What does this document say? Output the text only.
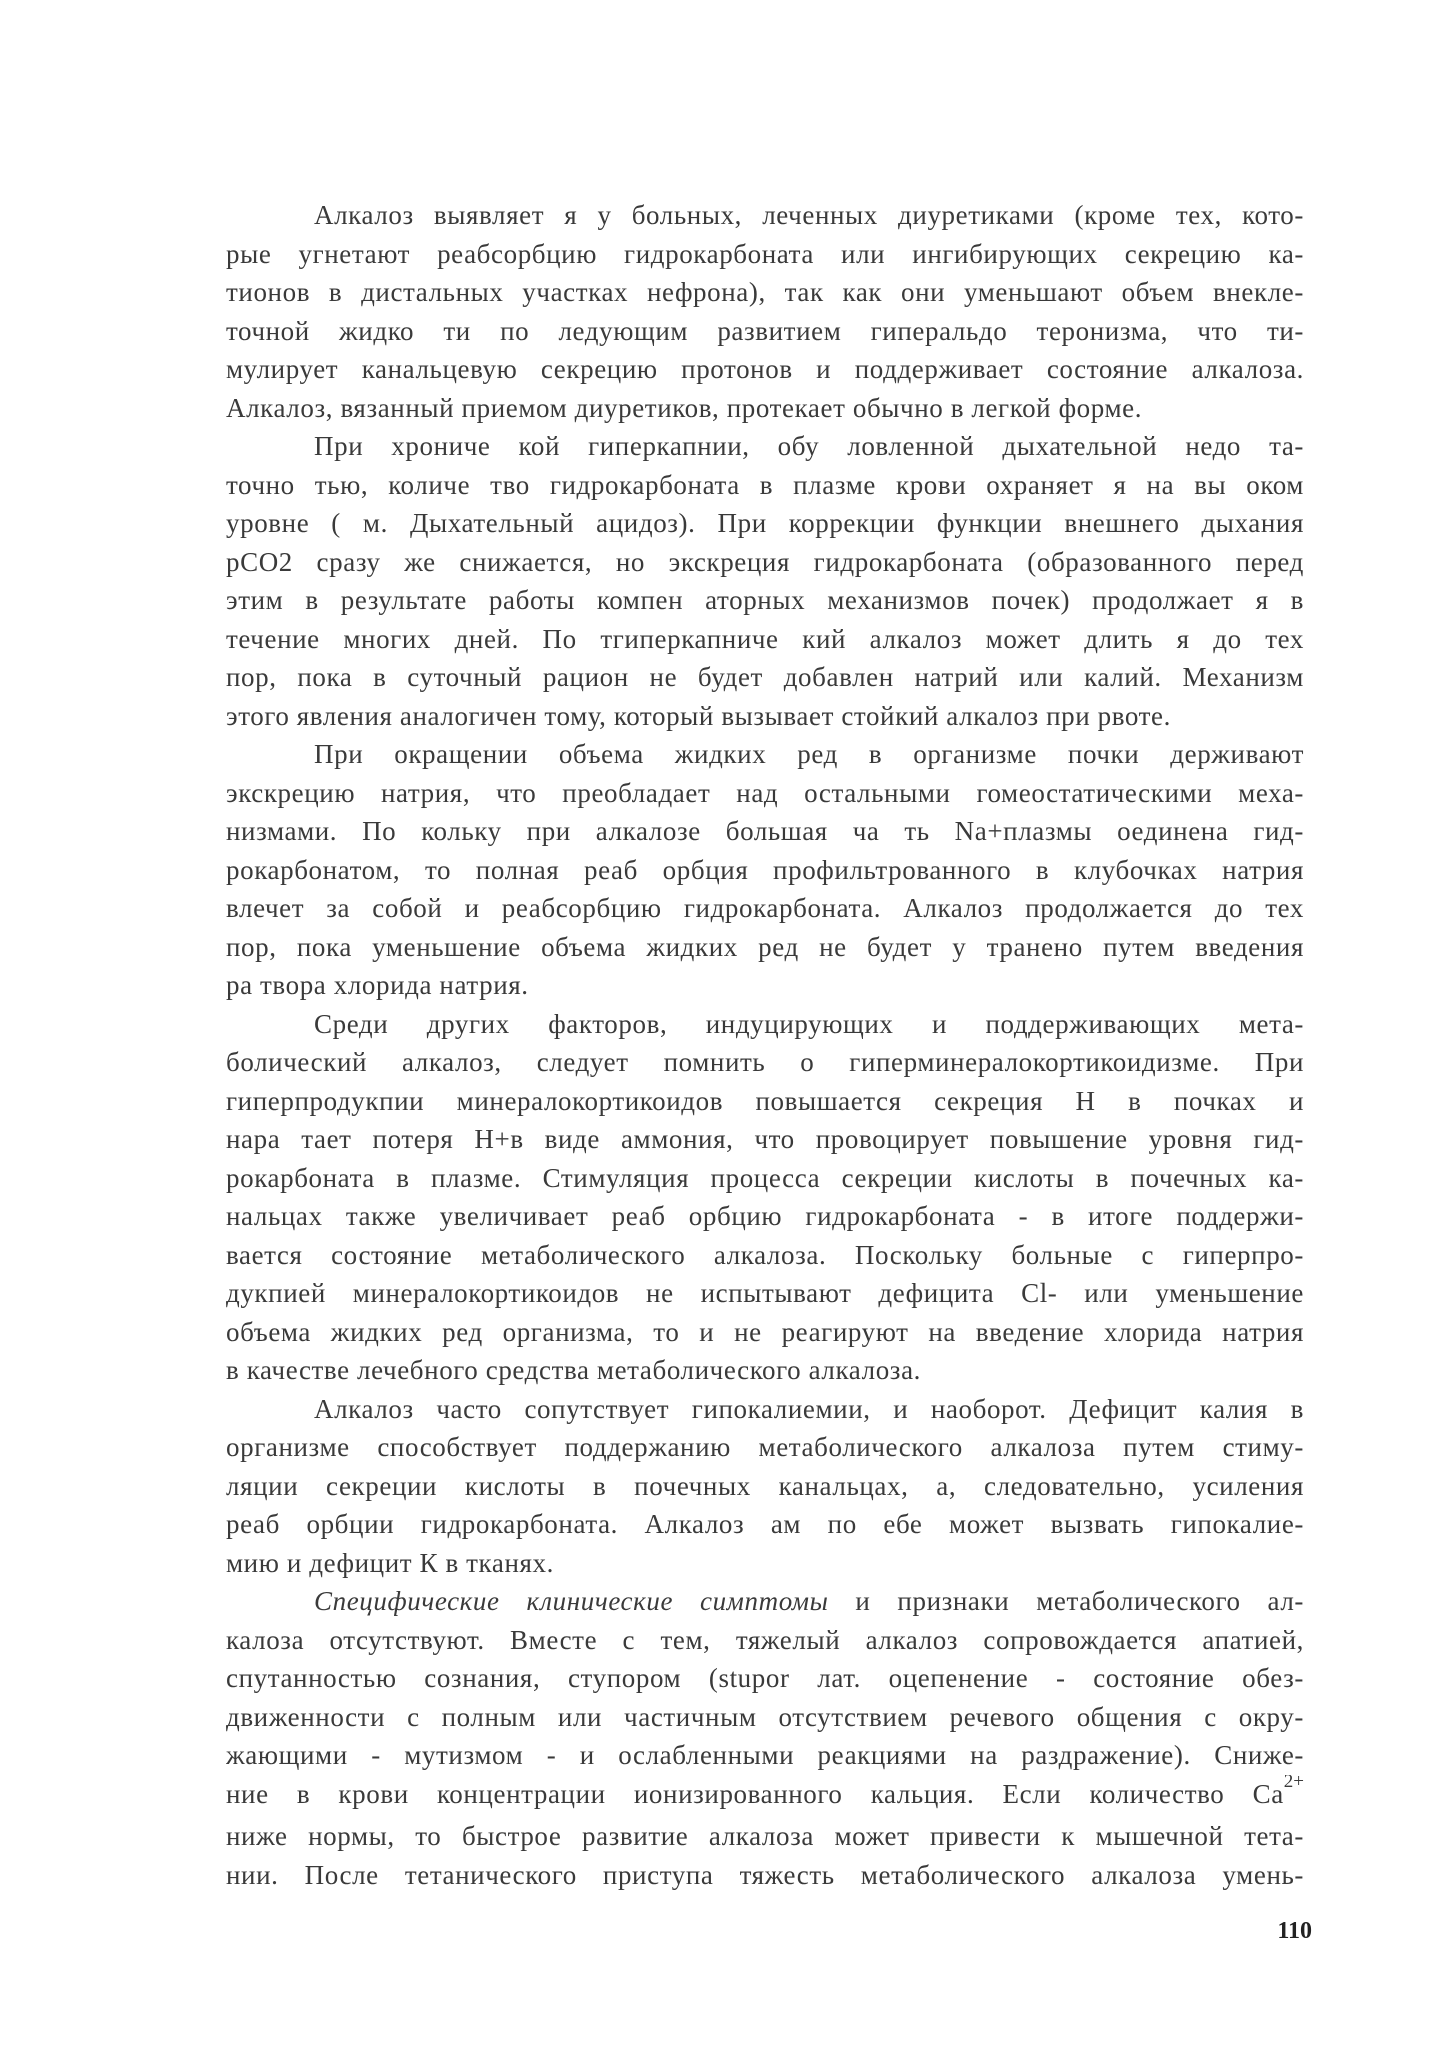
Алкалоз выявляет я у больных, леченных диуретиками (кроме тех, кото-
рые угнетают реабсорбцию гидрокарбоната или ингибирующих секрецию ка-
тионов в дистальных участках нефрона), так как они уменьшают объем внекле-
точной жидко ти по ледующим развитием гиперальдо теронизма, что ти-
мулирует канальцевую секрецию протонов и поддерживает состояние алкалоза.
Алкалоз, вязанный приемом диуретиков, протекает обычно в легкой форме.

При хрониче кой гиперкапнии, обу ловленной дыхательной недо та-
точно тью, количе тво гидрокарбоната в плазме крови охраняет я на вы оком
уровне ( м. Дыхательный ацидоз). При коррекции функции внешнего дыхания
pCO2 сразу же снижается, но экскреция гидрокарбоната (образованного перед
этим в результате работы компен аторных механизмов почек) продолжает я в
течение многих дней. По тгиперкапниче кий алкалоз может длить я до тех
пор, пока в суточный рацион не будет добавлен натрий или калий. Механизм
этого явления аналогичен тому, который вызывает стойкий алкалоз при рвоте.

При окращении объема жидких ред в организме почки держивают
экскрецию натрия, что преобладает над остальными гомеостатическими меха-
низмами. По кольку при алкалозе большая ча ть Na+плазмы оединена гид-
рокарбонатом, то полная реаб орбция профильтрованного в клубочках натрия
влечет за собой и реабсорбцию гидрокарбоната. Алкалоз продолжается до тех
пор, пока уменьшение объема жидких ред не будет у транено путем введения
ра твора хлорида натрия.

Среди других факторов, индуцирующих и поддерживающих мета-
болический алкалоз, следует помнить о гиперминералокортикоидизме. При
гиперпродукпии минералокортикоидов повышается секреция Н в почках и
нара тает потеря Н+в виде аммония, что провоцирует повышение уровня гид-
рокарбоната в плазме. Стимуляция процесса секреции кислоты в почечных ка-
нальцах также увеличивает реаб орбцию гидрокарбоната - в итоге поддержи-
вается состояние метаболического алкалоза. Поскольку больные с гиперпро-
дукпией минералокортикоидов не испытывают дефицита Cl- или уменьшение
объема жидких ред организма, то и не реагируют на введение хлорида натрия
в качестве лечебного средства метаболического алкалоза.

Алкалоз часто сопутствует гипокалиемии, и наоборот. Дефицит калия в
организме способствует поддержанию метаболического алкалоза путем стиму-
ляции секреции кислоты в почечных канальцах, а, следовательно, усиления
реаб орбции гидрокарбоната. Алкалоз ам по ебе может вызвать гипокалие-
мию и дефицит К в тканях.

Специфические клинические симптомы и признаки метаболического ал-
калоза отсутствуют. Вместе с тем, тяжелый алкалоз сопровождается апатией,
спутанностью сознания, ступором (stupor лат. оцепенение - состояние обез-
движенности с полным или частичным отсутствием речевого общения с окру-
жающими - мутизмом - и ослабленными реакциями на раздражение). Сниже-
ние в крови концентрации ионизированного кальция. Если количество $Ca^{2+}$
ниже нормы, то быстрое развитие алкалоза может привести к мышечной тета-
нии. После тетанического приступа тяжесть метаболического алкалоза умень-

110
